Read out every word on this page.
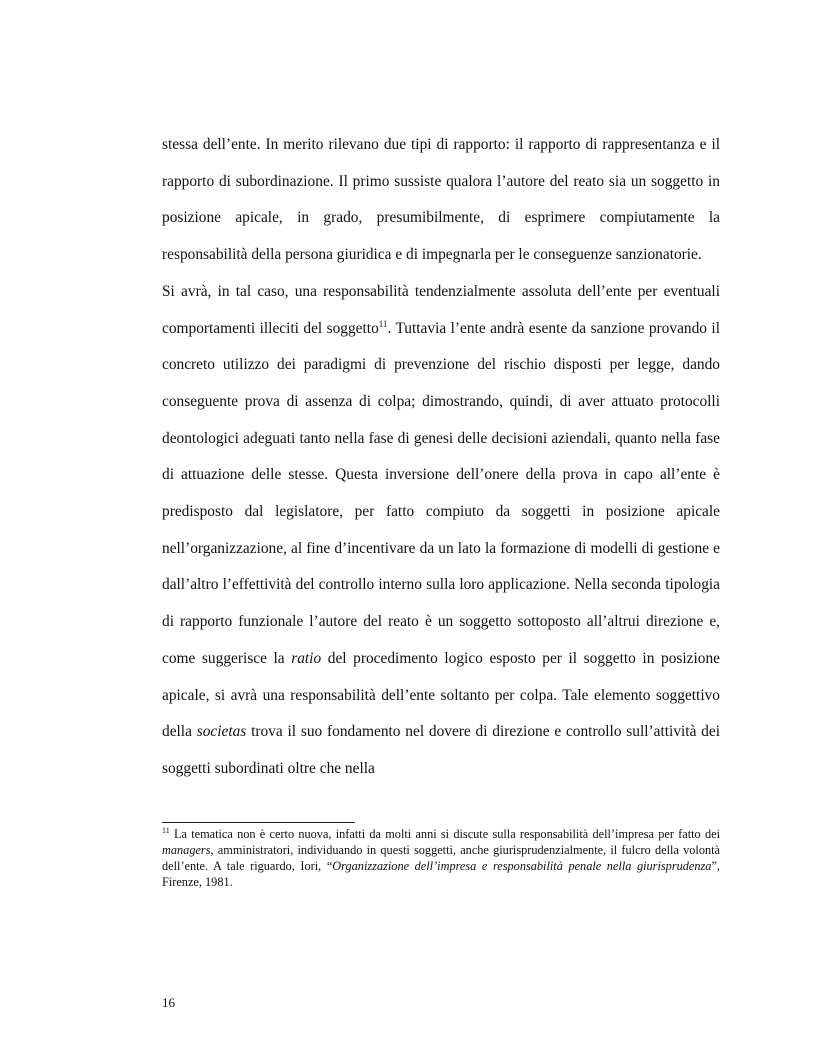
stessa dell’ente. In merito rilevano due tipi di rapporto: il rapporto di rappresentanza e il rapporto di subordinazione. Il primo sussiste qualora l’autore del reato sia un soggetto in posizione apicale, in grado, presumibilmente, di esprimere compiutamente la responsabilità della persona giuridica e di impegnarla per le conseguenze sanzionatorie.

Si avrà, in tal caso, una responsabilità tendenzialmente assoluta dell’ente per eventuali comportamenti illeciti del soggetto$^{11}$. Tuttavia l’ente andrà esente da sanzione provando il concreto utilizzo dei paradigmi di prevenzione del rischio disposti per legge, dando conseguente prova di assenza di colpa; dimostrando, quindi, di aver attuato protocolli deontologici adeguati tanto nella fase di genesi delle decisioni aziendali, quanto nella fase di attuazione delle stesse. Questa inversione dell’onere della prova in capo all’ente è predisposto dal legislatore, per fatto compiuto da soggetti in posizione apicale nell’organizzazione, al fine d’incentivare da un lato la formazione di modelli di gestione e dall’altro l’effettività del controllo interno sulla loro applicazione. Nella seconda tipologia di rapporto funzionale l’autore del reato è un soggetto sottoposto all’altrui direzione e, come suggerisce la ratio del procedimento logico esposto per il soggetto in posizione apicale, si avrà una responsabilità dell’ente soltanto per colpa. Tale elemento soggettivo della societas trova il suo fondamento nel dovere di direzione e controllo sull’attività dei soggetti subordinati oltre che nella

$^{11}$ La tematica non è certo nuova, infatti da molti anni si discute sulla responsabilità dell’impresa per fatto dei managers, amministratori, individuando in questi soggetti, anche giurisprudenzialmente, il fulcro della volontà dell’ente. A tale riguardo, Iori, “Organizzazione dell’impresa e responsabilità penale nella giurisprudenza”, Firenze, 1981.
16
